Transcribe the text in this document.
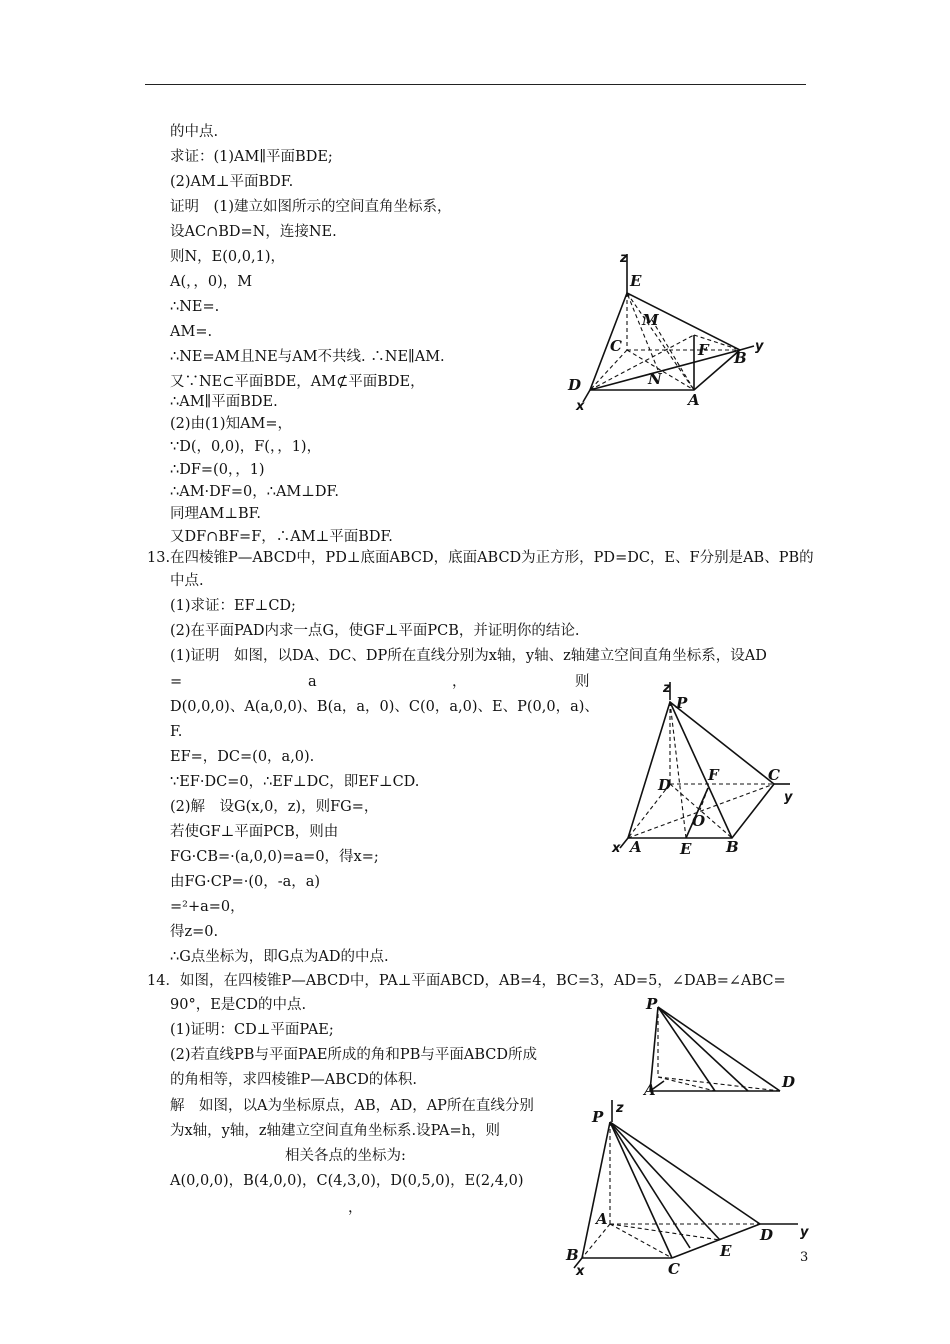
的中点.
求证：(1)AM∥平面BDE;
(2)AM⊥平面BDF.
证明　(1)建立如图所示的空间直角坐标系，
设AC∩BD=N，连接NE.
则N，E(0,0,1)，
A(，，0)，M
∴NE=.
AM=.
∴NE=AM且NE与AM不共线. ∴NE∥AM.
又∵NE⊂平面BDE，AM⊄平面BDE，
∴AM∥平面BDE.
(2)由(1)知AM=，
∵D(，0,0)，F(，，1)，
∴DF=(0，，1)
∴AM·DF=0，∴AM⊥DF.
同理AM⊥BF.
又DF∩BF=F，∴AM⊥平面BDF.
13.在四棱锥P—ABCD中，PD⊥底面ABCD，底面ABCD为正方形，PD=DC，E、F分别是AB、PB的
中点.
(1)求证：EF⊥CD;
(2)在平面PAD内求一点G，使GF⊥平面PCB，并证明你的结论.
(1)证明　如图，以DA、DC、DP所在直线分别为x轴，y轴、z轴建立空间直角坐标系，设AD
=	a	，	则
D(0,0,0)、A(a,0,0)、B(a，a，0)、C(0，a,0)、E、P(0,0，a)、
F.
EF=，DC=(0，a,0).
∵EF·DC=0，∴EF⊥DC，即EF⊥CD.
(2)解　设G(x,0，z)，则FG=，
若使GF⊥平面PCB，则由
FG·CB=·(a,0,0)=a=0，得x=;
由FG·CP=·(0，-a，a)
=²+a=0，
得z=0.
∴G点坐标为，即G点为AD的中点.
14．如图，在四棱锥P—ABCD中，PA⊥平面ABCD，AB=4，BC=3，AD=5，∠DAB=∠ABC=
90°，E是CD的中点.
(1)证明：CD⊥平面PAE;
(2)若直线PB与平面PAE所成的角和PB与平面ABCD所成
的角相等，求四棱锥P—ABCD的体积.
解　如图，以A为坐标原点，AB，AD，AP所在直线分别
为x轴，y轴，z轴建立空间直角坐标系.设PA=h，则
相关各点的坐标为:
A(0,0,0)，B(4,0,0)，C(4,3,0)，D(0,5,0)，E(2,4,0)
，
z
E
M
C	F B
y
N
D
A
x
z
P
D
F	C
y
O
x A	E B
P
A	D
P z
A
D y
E
B
x	C
3
